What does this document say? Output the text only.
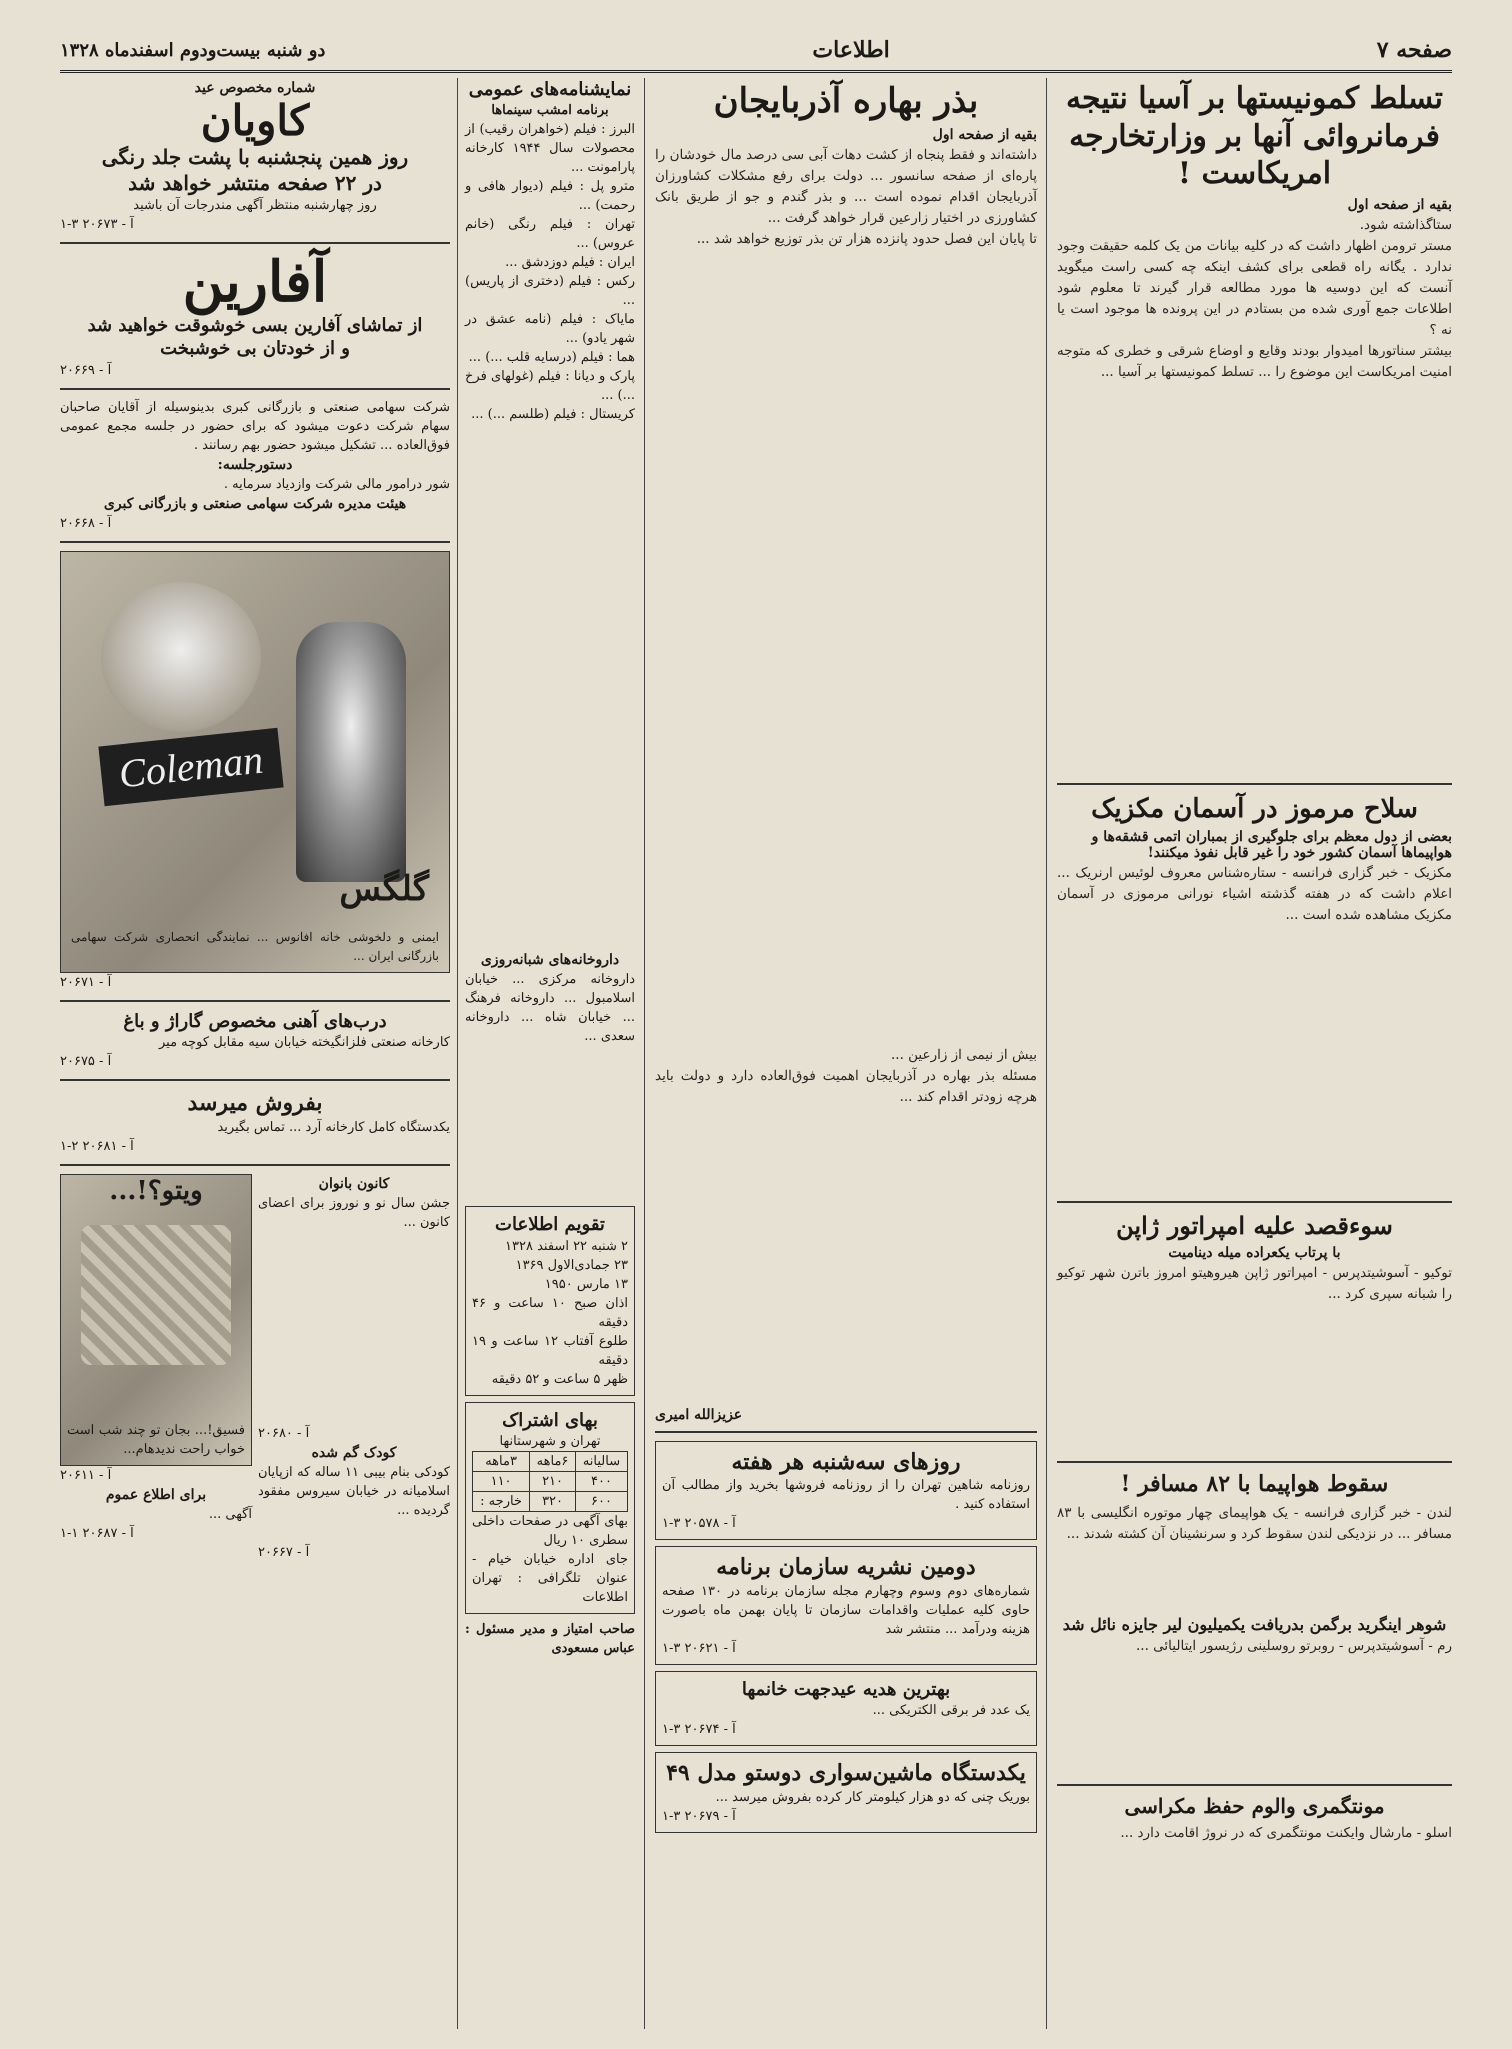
صفحه ۷
اطلاعات
دو شنبه بیست‌ودوم اسفندماه ۱۳۲۸
تسلط کمونیستها بر آسیا نتیجه فرمانروائی آنها بر وزارتخارجه امریکاست !
بقیه از صفحه اول
ستاگذاشته شود.
مستر ترومن اظهار داشت که در کلیه بیانات من یک کلمه حقیقت وجود ندارد . یگانه راه قطعی برای کشف اینکه چه کسی راست میگوید آنست که این دوسیه ها مورد مطالعه قرار گیرند تا معلوم شود اطلاعات جمع آوری شده من بستادم در این پرونده ها موجود است یا نه ؟
بیشتر سناتورها امیدوار بودند وقایع و اوضاع شرقی و خطری که متوجه امنیت امریکاست این موضوع را ... تسلط کمونیستها بر آسیا ...
سلاح مرموز در آسمان مکزیک
بعضی از دول معظم برای جلوگیری از بمباران اتمی قشقه‌ها و هواپیماها آسمان کشور خود را غیر قابل نفوذ میکنند!
مکزیک - خبر گزاری فرانسه - ستاره‌شناس معروف لوئیس ارنریک ... اعلام داشت که در هفته گذشته اشیاء نورانی مرموزی در آسمان مکزیک مشاهده شده است ...
سوءقصد علیه امپراتور ژاپن
با پرتاب یکعراده میله دینامیت
توکیو - آسوشیتدپرس - امپراتور ژاپن هیروهیتو امروز باترن شهر توکیو را شبانه سپری کرد ...
سقوط هواپیما با ۸۲ مسافر !
لندن - خبر گزاری فرانسه - یک هواپیمای چهار موتوره انگلیسی با ۸۳ مسافر ... در نزدیکی لندن سقوط کرد و سرنشینان آن کشته شدند ...
شوهر اینگرید برگمن بدریافت یکمیلیون لیر جایزه نائل شد
رم - آسوشیتدپرس - روبرتو روسلینی رژیسور ایتالیائی ...
مونتگمری والوم حفظ مکراسی
اسلو - مارشال وایکنت مونتگمری که در نروژ اقامت دارد ...
بذر بهاره آذربایجان
بقیه از صفحه اول
داشته‌اند و فقط پنجاه از کشت دهات آبی سی درصد مال خودشان را پاره‌ای از صفحه سانسور ... دولت برای رفع مشکلات کشاورزان آذربایجان اقدام نموده است ... و بذر گندم و جو از طریق بانک کشاورزی در اختیار زارعین قرار خواهد گرفت ...
تا پایان این فصل حدود پانزده هزار تن بذر توزیع خواهد شد ...
بیش از نیمی از زارعین ...
مسئله بذر بهاره در آذربایجان اهمیت فوق‌العاده دارد و دولت باید هرچه زودتر اقدام کند ...
عزیزالله امیری
روزهای سه‌شنبه هر هفته
روزنامه شاهین تهران را از روزنامه فروشها بخرید واز مطالب آن استفاده کنید .
آ - ۲۰۵۷۸ ۳-۱
دومین نشریه سازمان برنامه
شماره‌های دوم وسوم وچهارم مجله سازمان برنامه در ۱۳۰ صفحه حاوی کلیه عملیات واقدامات سازمان تا پایان بهمن ماه باصورت هزینه ودرآمد ... منتشر شد
آ - ۲۰۶۲۱ ۳-۱
بهترین هدیه عیدجهت خانمها
یک عدد فر برقی الکتریکی ...
آ - ۲۰۶۷۴ ۳-۱
یکدستگاه ماشین‌سواری دوستو مدل ۴۹
بوریک چنی که دو هزار کیلومتر کار کرده بفروش میرسد ...
آ - ۲۰۶۷۹ ۳-۱
نمایشنامه‌های عمومی
برنامه امشب سینماها
البرز : فیلم (خواهران رقیب) از محصولات سال ۱۹۴۴ کارخانه پارامونت ...
مترو پل : فیلم (دیوار هافی و رحمت) ...
تهران : فیلم رنگی (خانم عروس) ...
ایران : فیلم دوزدشق ...
رکس : فیلم (دختری از پاریس) ...
مایاک : فیلم (نامه عشق در شهر یادو) ...
هما : فیلم (درسایه قلب ...) ...
پارک و دیانا : فیلم (غولهای فرخ ...) ...
کریستال : فیلم (طلسم ...) ...
داروخانه‌های شبانه‌روزی
داروخانه مرکزی ... خیابان اسلامبول ... داروخانه فرهنگ ... خیابان شاه ... داروخانه سعدی ...
تقویم اطلاعات
۲ شنبه ۲۲ اسفند ۱۳۲۸
۲۳ جمادی‌الاول ۱۳۶۹
۱۳ مارس ۱۹۵۰
اذان صبح ۱۰ ساعت و ۴۶ دقیقه
طلوع آفتاب ۱۲ ساعت و ۱۹ دقیقه
ظهر ۵ ساعت و ۵۲ دقیقه
بهای اشتراک
تهران و شهرستانها
سالیانه	۶ماهه	۳ماهه
۴۰۰	۲۱۰	۱۱۰
۶۰۰	۳۲۰	خارجه :
بهای آگهی در صفحات داخلی سطری ۱۰ ریال
جای اداره خیابان خیام - عنوان تلگرافی : تهران اطلاعات
صاحب امتیاز و مدیر مسئول : عباس مسعودی
شماره مخصوص عید
کاویان
روز همین پنجشنبه با پشت جلد رنگی
در ۲۲ صفحه منتشر خواهد شد
روز چهارشنبه منتظر آگهی مندرجات آن باشید
آ - ۲۰۶۷۳ ۳-۱
آفارین
از تماشای آفارین بسی خوشوقت خواهید شد
و از خودتان بی خوشبخت
آ - ۲۰۶۶۹
شرکت سهامی صنعتی و بازرگانی کبری بدینوسیله از آقایان صاحبان سهام شرکت دعوت میشود که برای حضور در جلسه مجمع عمومی فوق‌العاده ... تشکیل میشود حضور بهم رسانند .
دستورجلسه:
شور درامور مالی شرکت وازدیاد سرمایه .
هیئت مدیره شرکت سهامی صنعتی و بازرگانی کبری
آ - ۲۰۶۶۸
Coleman
گلگس
ایمنی و دلخوشی خانه افانوس ... نمایندگی انحصاری شرکت سهامی بازرگانی ایران ...
آ - ۲۰۶۷۱
درب‌های آهنی مخصوص گاراژ و باغ
کارخانه صنعتی فلزانگیخته خیابان سیه مقابل کوچه میر
آ - ۲۰۶۷۵
بفروش میرسد
یکدستگاه کامل کارخانه آرد ... تماس بگیرید
آ - ۲۰۶۸۱ ۲-۱
کانون بانوان
جشن سال نو و نوروز برای اعضای کانون ...
آ - ۲۰۶۸۰
کودک گم شده
کودکی بنام بیبی ۱۱ ساله که ازپایان اسلامیانه در خیابان سیروس مفقود گردیده ...
آ - ۲۰۶۶۷
ویتو؟!...
فسیق!... بجان تو چند شب است خواب راحت ندیدهام...
آ - ۲۰۶۱۱
برای اطلاع عموم
آگهی ...
آ - ۲۰۶۸۷ ۱-۱
